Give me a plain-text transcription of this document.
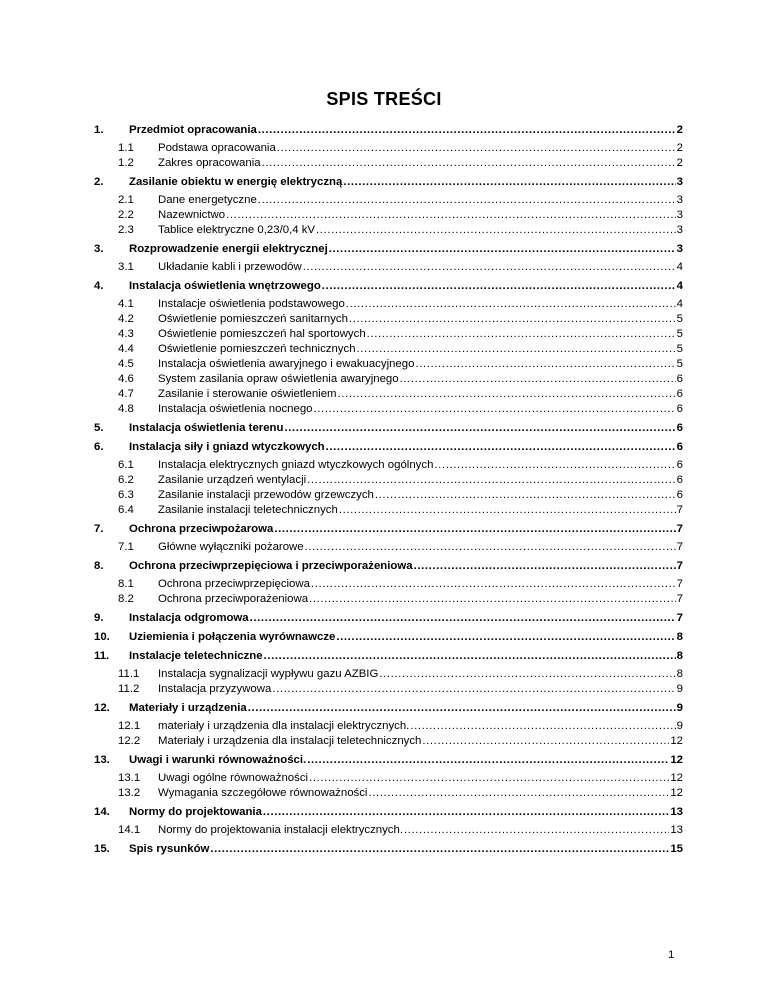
SPIS TREŚCI
1.	Przedmiot opracowania .....	2
1.1	Podstawa opracowania .....	2
1.2	Zakres opracowania .....	2
2.	Zasilanie obiektu w energię elektryczną .....	3
2.1	Dane energetyczne .....	3
2.2	Nazewnictwo .....	3
2.3	Tablice elektryczne 0,23/0,4 kV .....	3
3.	Rozprowadzenie energii elektrycznej .....	3
3.1	Układanie kabli i przewodów .....	4
4.	Instalacja oświetlenia wnętrzowego .....	4
4.1	Instalacje oświetlenia podstawowego .....	4
4.2	Oświetlenie pomieszczeń sanitarnych .....	5
4.3	Oświetlenie pomieszczeń hal sportowych .....	5
4.4	Oświetlenie pomieszczeń technicznych .....	5
4.5	Instalacja oświetlenia awaryjnego i ewakuacyjnego .....	5
4.6	System zasilania opraw oświetlenia awaryjnego .....	6
4.7	Zasilanie i sterowanie oświetleniem .....	6
4.8	Instalacja oświetlenia nocnego .....	6
5.	Instalacja oświetlenia terenu .....	6
6.	Instalacja siły i gniazd wtyczkowych .....	6
6.1	Instalacja elektrycznych gniazd wtyczkowych ogólnych .....	6
6.2	Zasilanie urządzeń wentylacji .....	6
6.3	Zasilanie instalacji przewodów grzewczych .....	6
6.4	Zasilanie instalacji teletechnicznych .....	7
7.	Ochrona przeciwpożarowa .....	7
7.1	Główne wyłączniki pożarowe .....	7
8.	Ochrona przeciwprzepięciowa i przeciwporażeniowa .....	7
8.1	Ochrona przeciwprzepięciowa .....	7
8.2	Ochrona przeciwporażeniowa .....	7
9.	Instalacja odgromowa .....	7
10.	Uziemienia i połączenia wyrównawcze .....	8
11.	Instalacje teletechniczne .....	8
11.1	Instalacja sygnalizacji wypływu gazu AZBIG .....	8
11.2	Instalacja przyzywowa .....	9
12.	Materiały i urządzenia .....	9
12.1	materiały i urządzenia dla instalacji elektrycznych. .....	9
12.2	Materiały i urządzenia dla instalacji teletechnicznych .....	12
13.	Uwagi i warunki równoważności. .....	12
13.1	Uwagi ogólne równoważności .....	12
13.2	Wymagania szczegółowe równoważności .....	12
14.	Normy do projektowania .....	13
14.1	Normy do projektowania instalacji elektrycznych. .....	13
15.	Spis rysunków .....	15
1
